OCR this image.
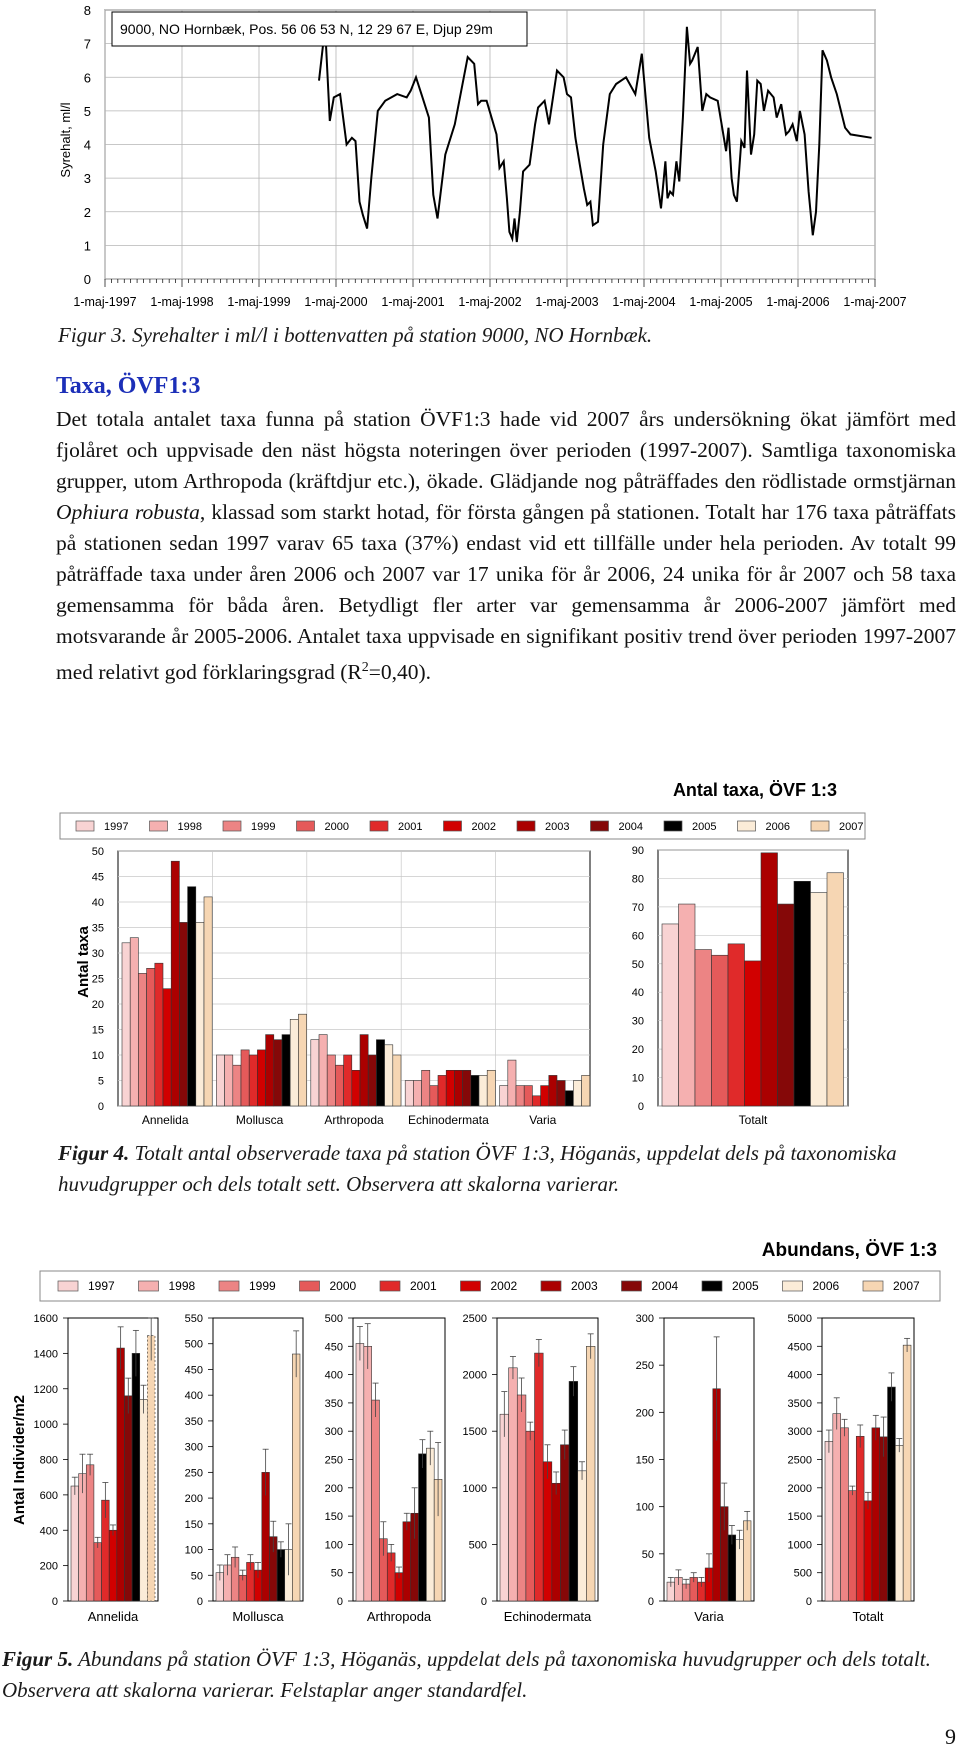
Syrehalt, ml/l
0
1
2
3
4
5
6
7
8
1-maj-1997 1-maj-1998 1-maj-1999 1-maj-2000 1-maj-2001 1-maj-2002 1-maj-2003 1-maj-2004 1-maj-2005 1-maj-2006 1-maj-2007
9000, NO Hornbæk, Pos. 56 06 53 N, 12 29 67 E, Djup 29m
Figur 3. Syrehalter i ml/l i bottenvatten på station 9000, NO Hornbæk.
Taxa, ÖVF1:3
Det totala antalet taxa funna på station ÖVF1:3 hade vid 2007 års undersökning ökat jämfört med fjolåret och uppvisade den näst högsta noteringen över perioden (1997-2007). Samtliga taxonomiska grupper, utom Arthropoda (kräftdjur etc.), ökade. Glädjande nog påträffades den rödlistade ormstjärnan Ophiura robusta, klassad som starkt hotad, för första gången på stationen. Totalt har 176 taxa påträffats på stationen sedan 1997 varav 65 taxa (37%) endast vid ett tillfälle under hela perioden. Av totalt 99 påträffade taxa under åren 2006 och 2007 var 17 unika för år 2006, 24 unika för år 2007 och 58 taxa gemensamma för båda åren. Betydligt fler arter var gemensamma år 2006-2007 jämfört med motsvarande år 2005-2006. Antalet taxa uppvisade en signifikant positiv trend över perioden 1997-2007 med relativt god förklaringsgrad $(R^2=0,40)$.
Antal taxa, ÖVF 1:3
1997	1998	1999	2000	2001	2002	2003	2004	2005	2006	2007
Antal taxa
0
5
10
15
20
25
30
35
40
45
50
Annelida	Mollusca	Arthropoda Echinodermata	Varia
0
10
20
30
40
50
60
70
80
90
Totalt
Figur 4. Totalt antal observerade taxa på station ÖVF 1:3, Höganäs, uppdelat dels på taxonomiska huvudgrupper och dels totalt sett. Observera att skalorna varierar.
Abundans, ÖVF 1:3
1997	1998	1999	2000	2001	2002	2003	2004	2005	2006	2007
Antal Individer/m2
0
200
400
600
800
1000
1200
1400
1600
Annelida
0
50
100
150
200
250
300
350
400
450
500
550
Mollusca
0
50
100
150
200
250
300
350
400
450
500
Arthropoda
0
500
1000
1500
2000
2500
Echinodermata
0
50
100
150
200
250
300
Varia
0
500
1000
1500
2000
2500
3000
3500
4000
4500
5000
Totalt
Figur 5. Abundans på station ÖVF 1:3, Höganäs, uppdelat dels på taxonomiska huvudgrupper och dels totalt. Observera att skalorna varierar. Felstaplar anger standardfel.
9
